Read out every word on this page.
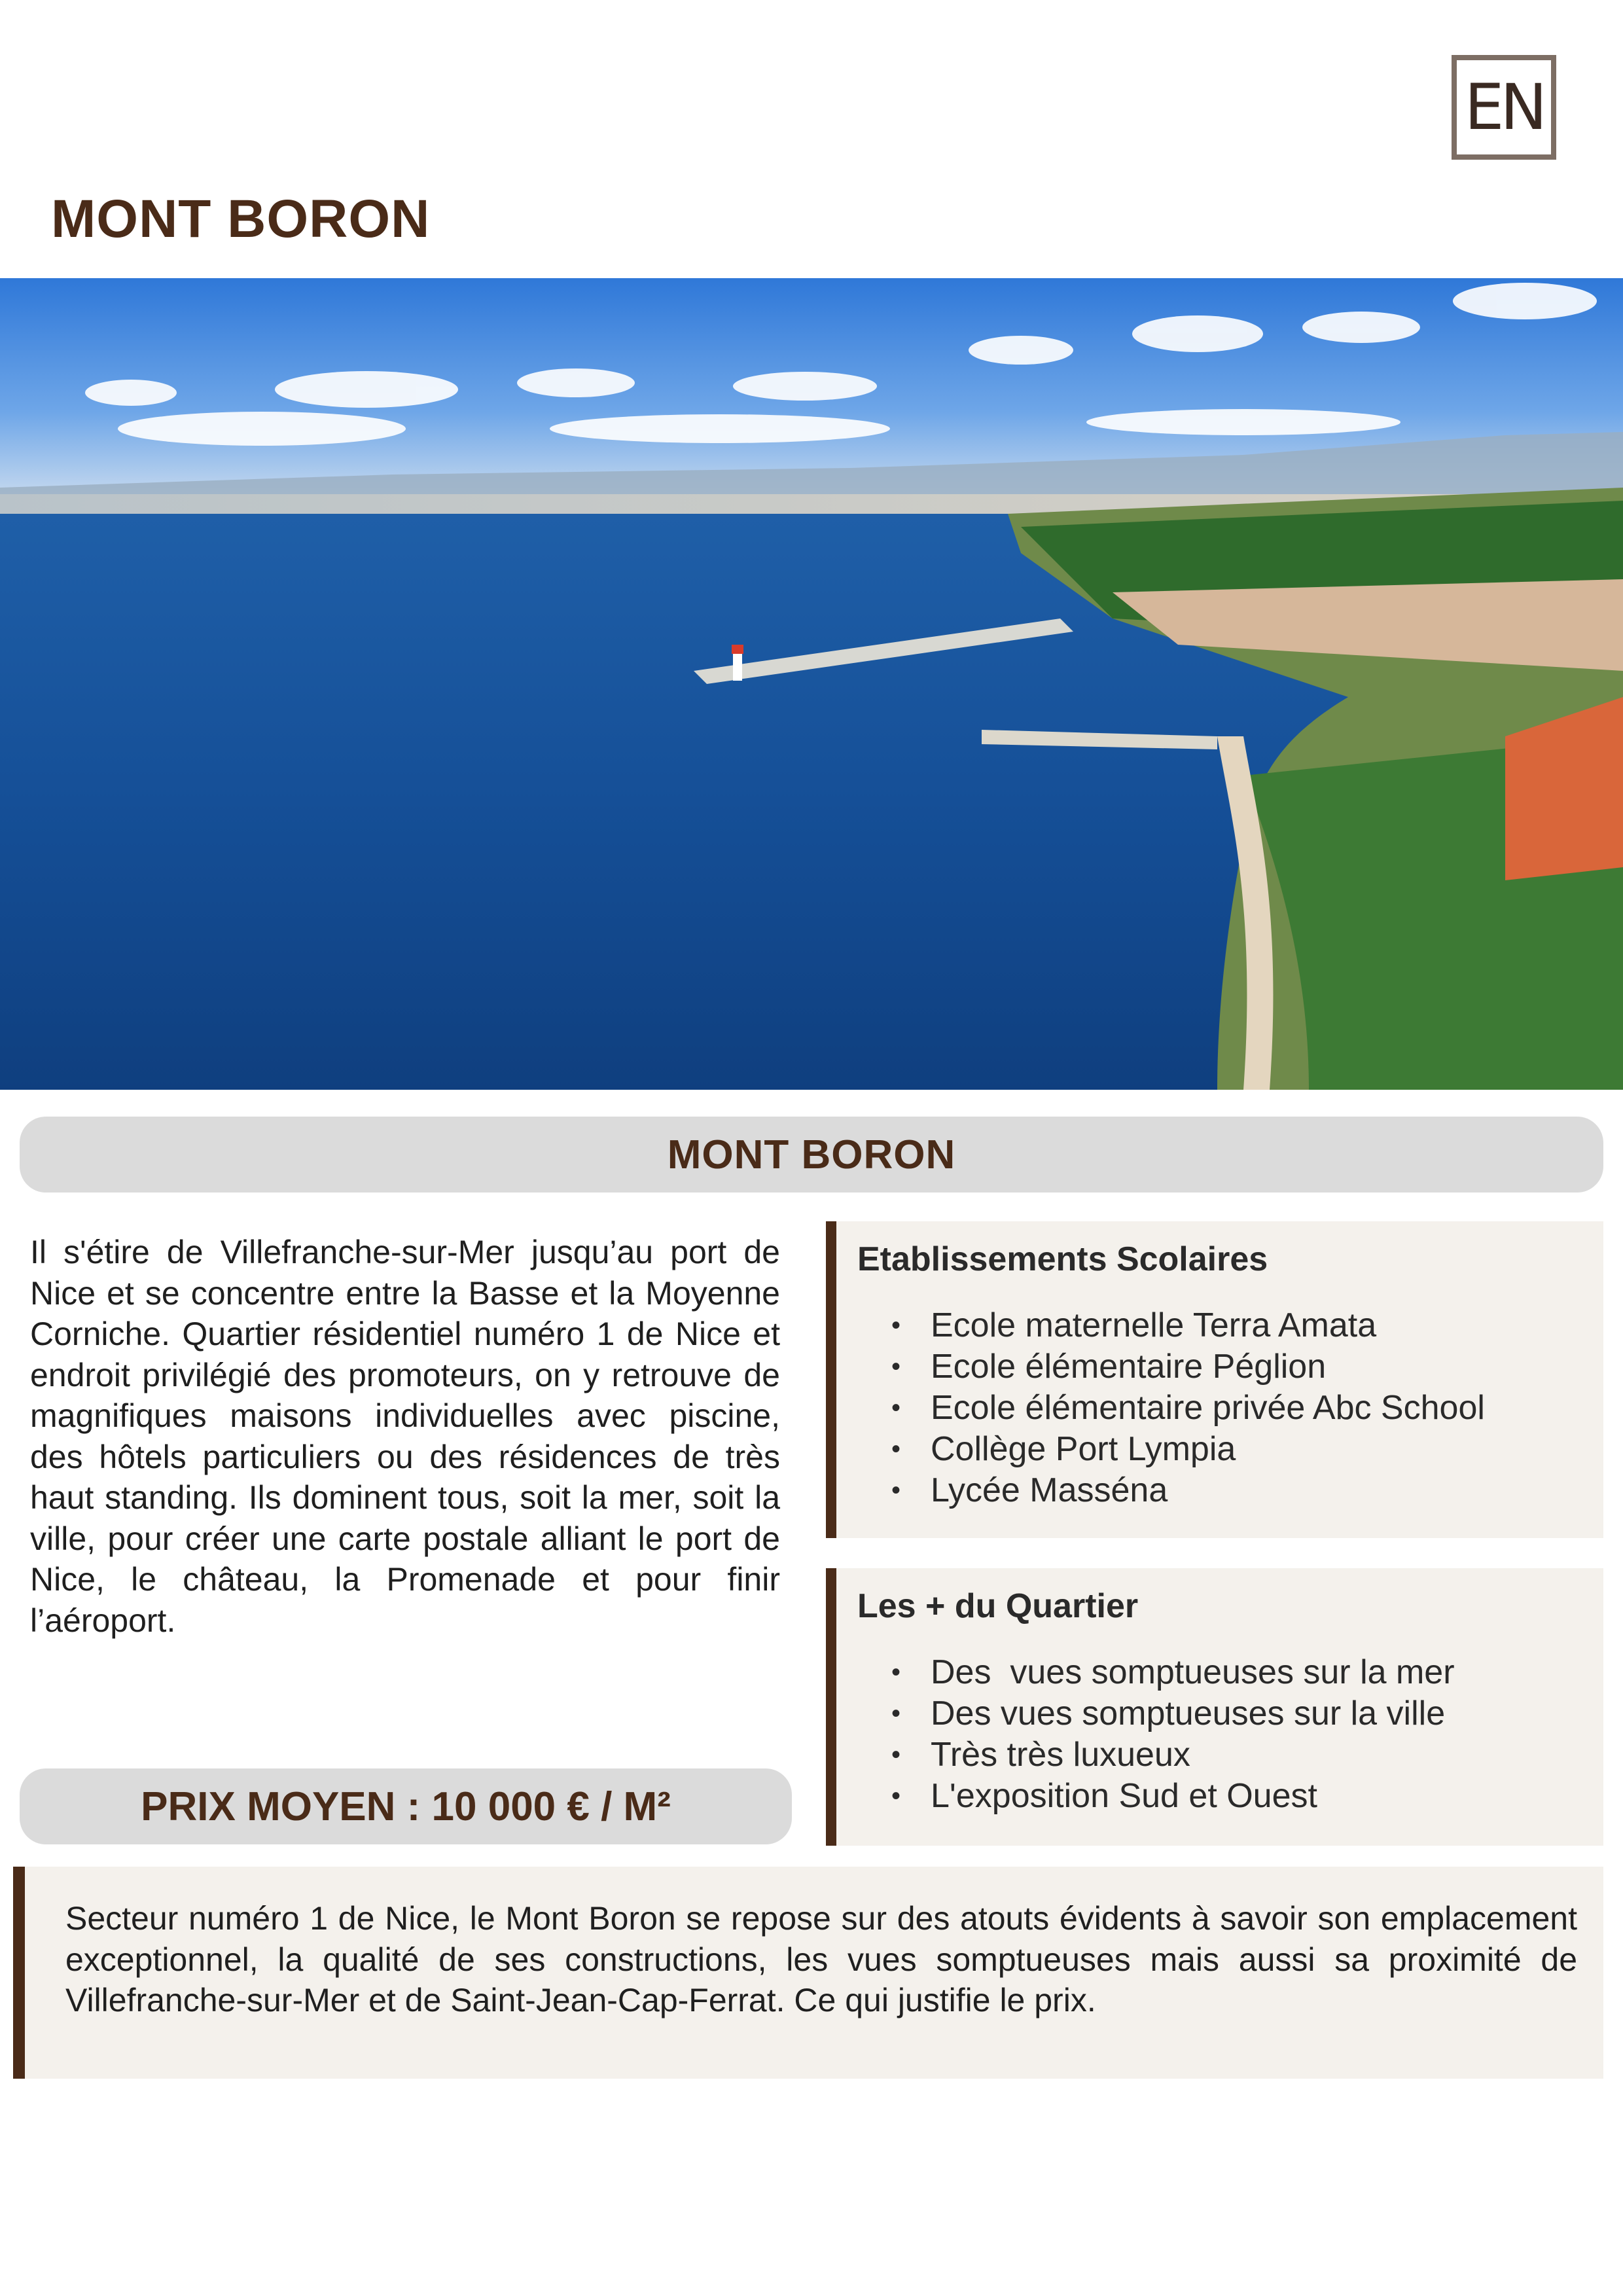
EN
MONT BORON
MONT BORON

Il s'étire de Villefranche-sur-Mer jusqu’au port de Nice et se concentre entre la Basse et la Moyenne Corniche. Quartier résidentiel numéro 1 de Nice et endroit privilégié des promoteurs, on y retrouve de magnifiques maisons individuelles avec piscine, des hôtels particuliers ou des résidences de très haut standing. Ils dominent tous, soit la mer, soit la ville, pour créer une carte postale alliant le port de Nice, le château, la Promenade et pour finir l’aéroport.

PRIX MOYEN : 10 000 € / M²
Etablissements Scolaires
• Ecole maternelle Terra Amata
• Ecole élémentaire Péglion
• Ecole élémentaire privée Abc School
• Collège Port Lympia
• Lycée Masséna
Les + du Quartier
• Des  vues somptueuses sur la mer
• Des vues somptueuses sur la ville
• Très très luxueux
• L'exposition Sud et Ouest

Secteur numéro 1 de Nice, le Mont Boron se repose sur des atouts évidents à savoir son emplacement exceptionnel, la qualité de ses constructions, les vues somptueuses mais aussi sa proximité de Villefranche-sur-Mer et de Saint-Jean-Cap-Ferrat. Ce qui justifie le prix.
